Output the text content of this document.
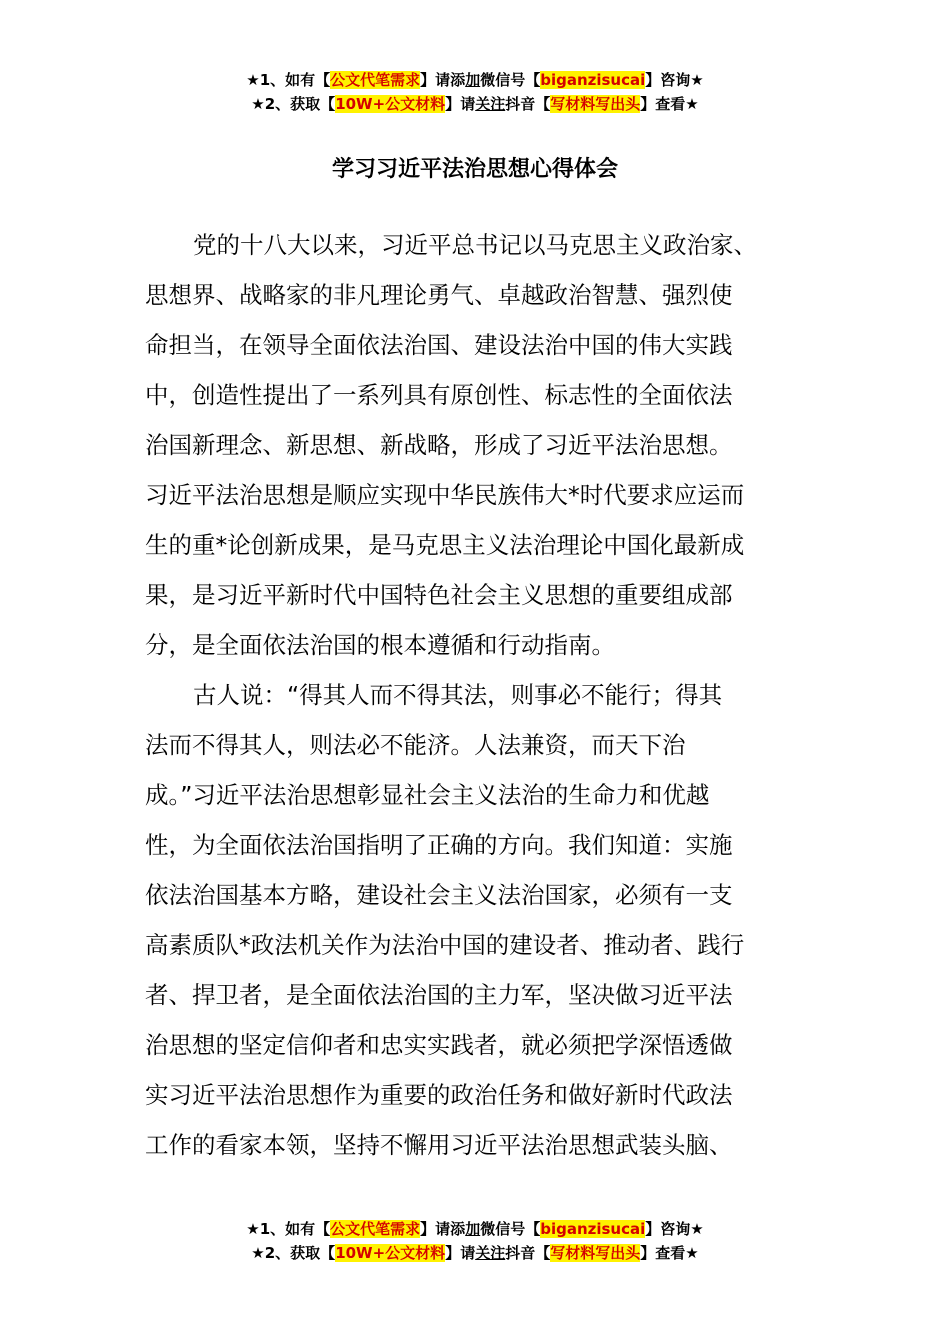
★1、如有【公文代笔需求】请添加微信号【biganzisucai】咨询★
★2、获取【10W+公文材料】请关注抖音【写材料写出头】查看★
学习习近平法治思想心得体会
党的十八大以来，习近平总书记以马克思主义政治家、
思想界、战略家的非凡理论勇气、卓越政治智慧、强烈使
命担当，在领导全面依法治国、建设法治中国的伟大实践
中，创造性提出了一系列具有原创性、标志性的全面依法
治国新理念、新思想、新战略，形成了习近平法治思想。
习近平法治思想是顺应实现中华民族伟大*时代要求应运而
生的重*论创新成果，是马克思主义法治理论中国化最新成
果，是习近平新时代中国特色社会主义思想的重要组成部
分，是全面依法治国的根本遵循和行动指南。
古人说：“得其人而不得其法，则事必不能行；得其
法而不得其人，则法必不能济。人法兼资，而天下治
成。”习近平法治思想彰显社会主义法治的生命力和优越
性，为全面依法治国指明了正确的方向。我们知道：实施
依法治国基本方略，建设社会主义法治国家，必须有一支
高素质队*政法机关作为法治中国的建设者、推动者、践行
者、捍卫者，是全面依法治国的主力军，坚决做习近平法
治思想的坚定信仰者和忠实实践者，就必须把学深悟透做
实习近平法治思想作为重要的政治任务和做好新时代政法
工作的看家本领，坚持不懈用习近平法治思想武装头脑、
★1、如有【公文代笔需求】请添加微信号【biganzisucai】咨询★
★2、获取【10W+公文材料】请关注抖音【写材料写出头】查看★
